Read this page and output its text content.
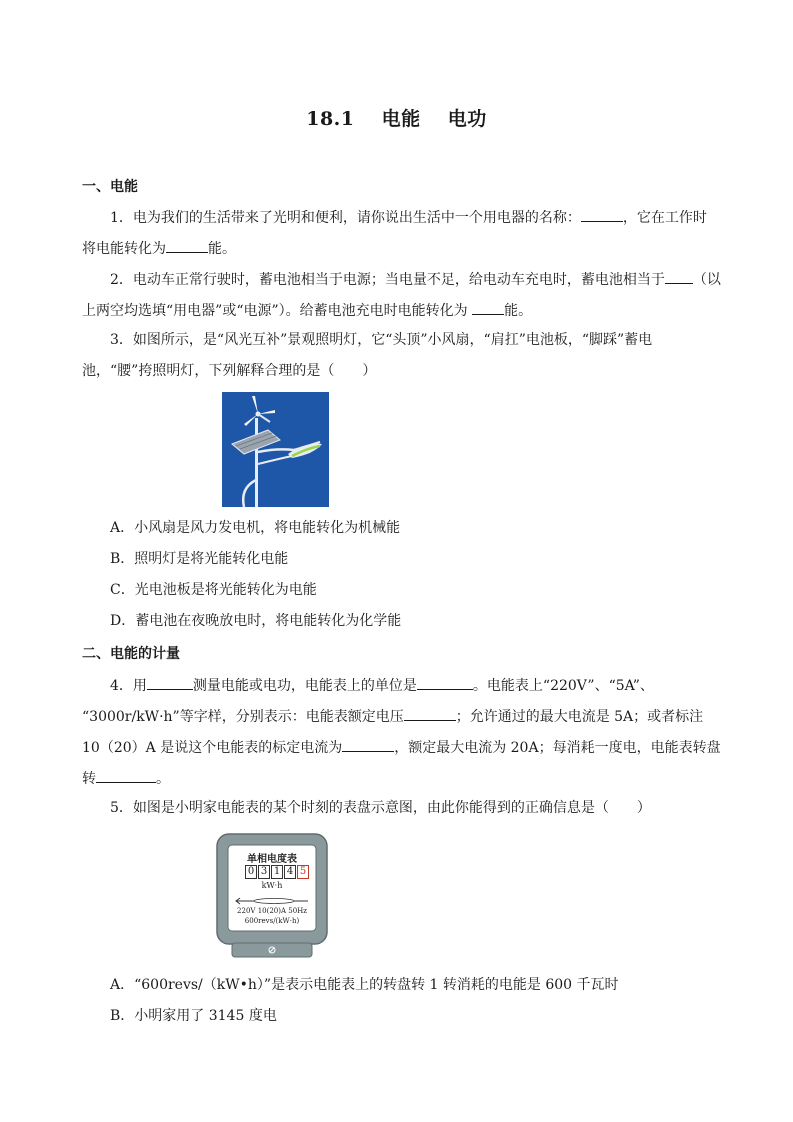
18.1 电能 电功
一、电能
1．电为我们的生活带来了光明和便利，请你说出生活中一个用电器的名称：	，它在工作时
将电能转化为	能。
2．电动车正常行驶时，蓄电池相当于电源；当电量不足，给电动车充电时，蓄电池相当于 （以
上两空均选填“用电器”或“电源”）。给蓄电池充电时电能转化为	能。
3．如图所示，是“风光互补”景观照明灯，它“头顶”小风扇，“肩扛”电池板，“脚踩”蓄电
池，“腰”挎照明灯，下列解释合理的是（　　）
A．小风扇是风力发电机，将电能转化为机械能
B．照明灯是将光能转化电能
C．光电池板是将光能转化为电能
D．蓄电池在夜晚放电时，将电能转化为化学能
二、电能的计量
4．用	测量电能或电功，电能表上的单位是	。电能表上“220V”、“5A”、
“3000r/kW·h”等字样，分别表示：电能表额定电压	；允许通过的最大电流是 5A；或者标注
10（20）A 是说这个电能表的标定电流为	，额定最大电流为 20A；每消耗一度电，电能表转盘
转	。
5．如图是小明家电能表的某个时刻的表盘示意图，由此你能得到的正确信息是（　　）
单相电度表
0 3 1 4 5
kW·h
220V 10(20)A 50Hz
600revs/(kW·h)
A．“600revs/（kW•h）”是表示电能表上的转盘转 1 转消耗的电能是 600 千瓦时
B．小明家用了 3145 度电
